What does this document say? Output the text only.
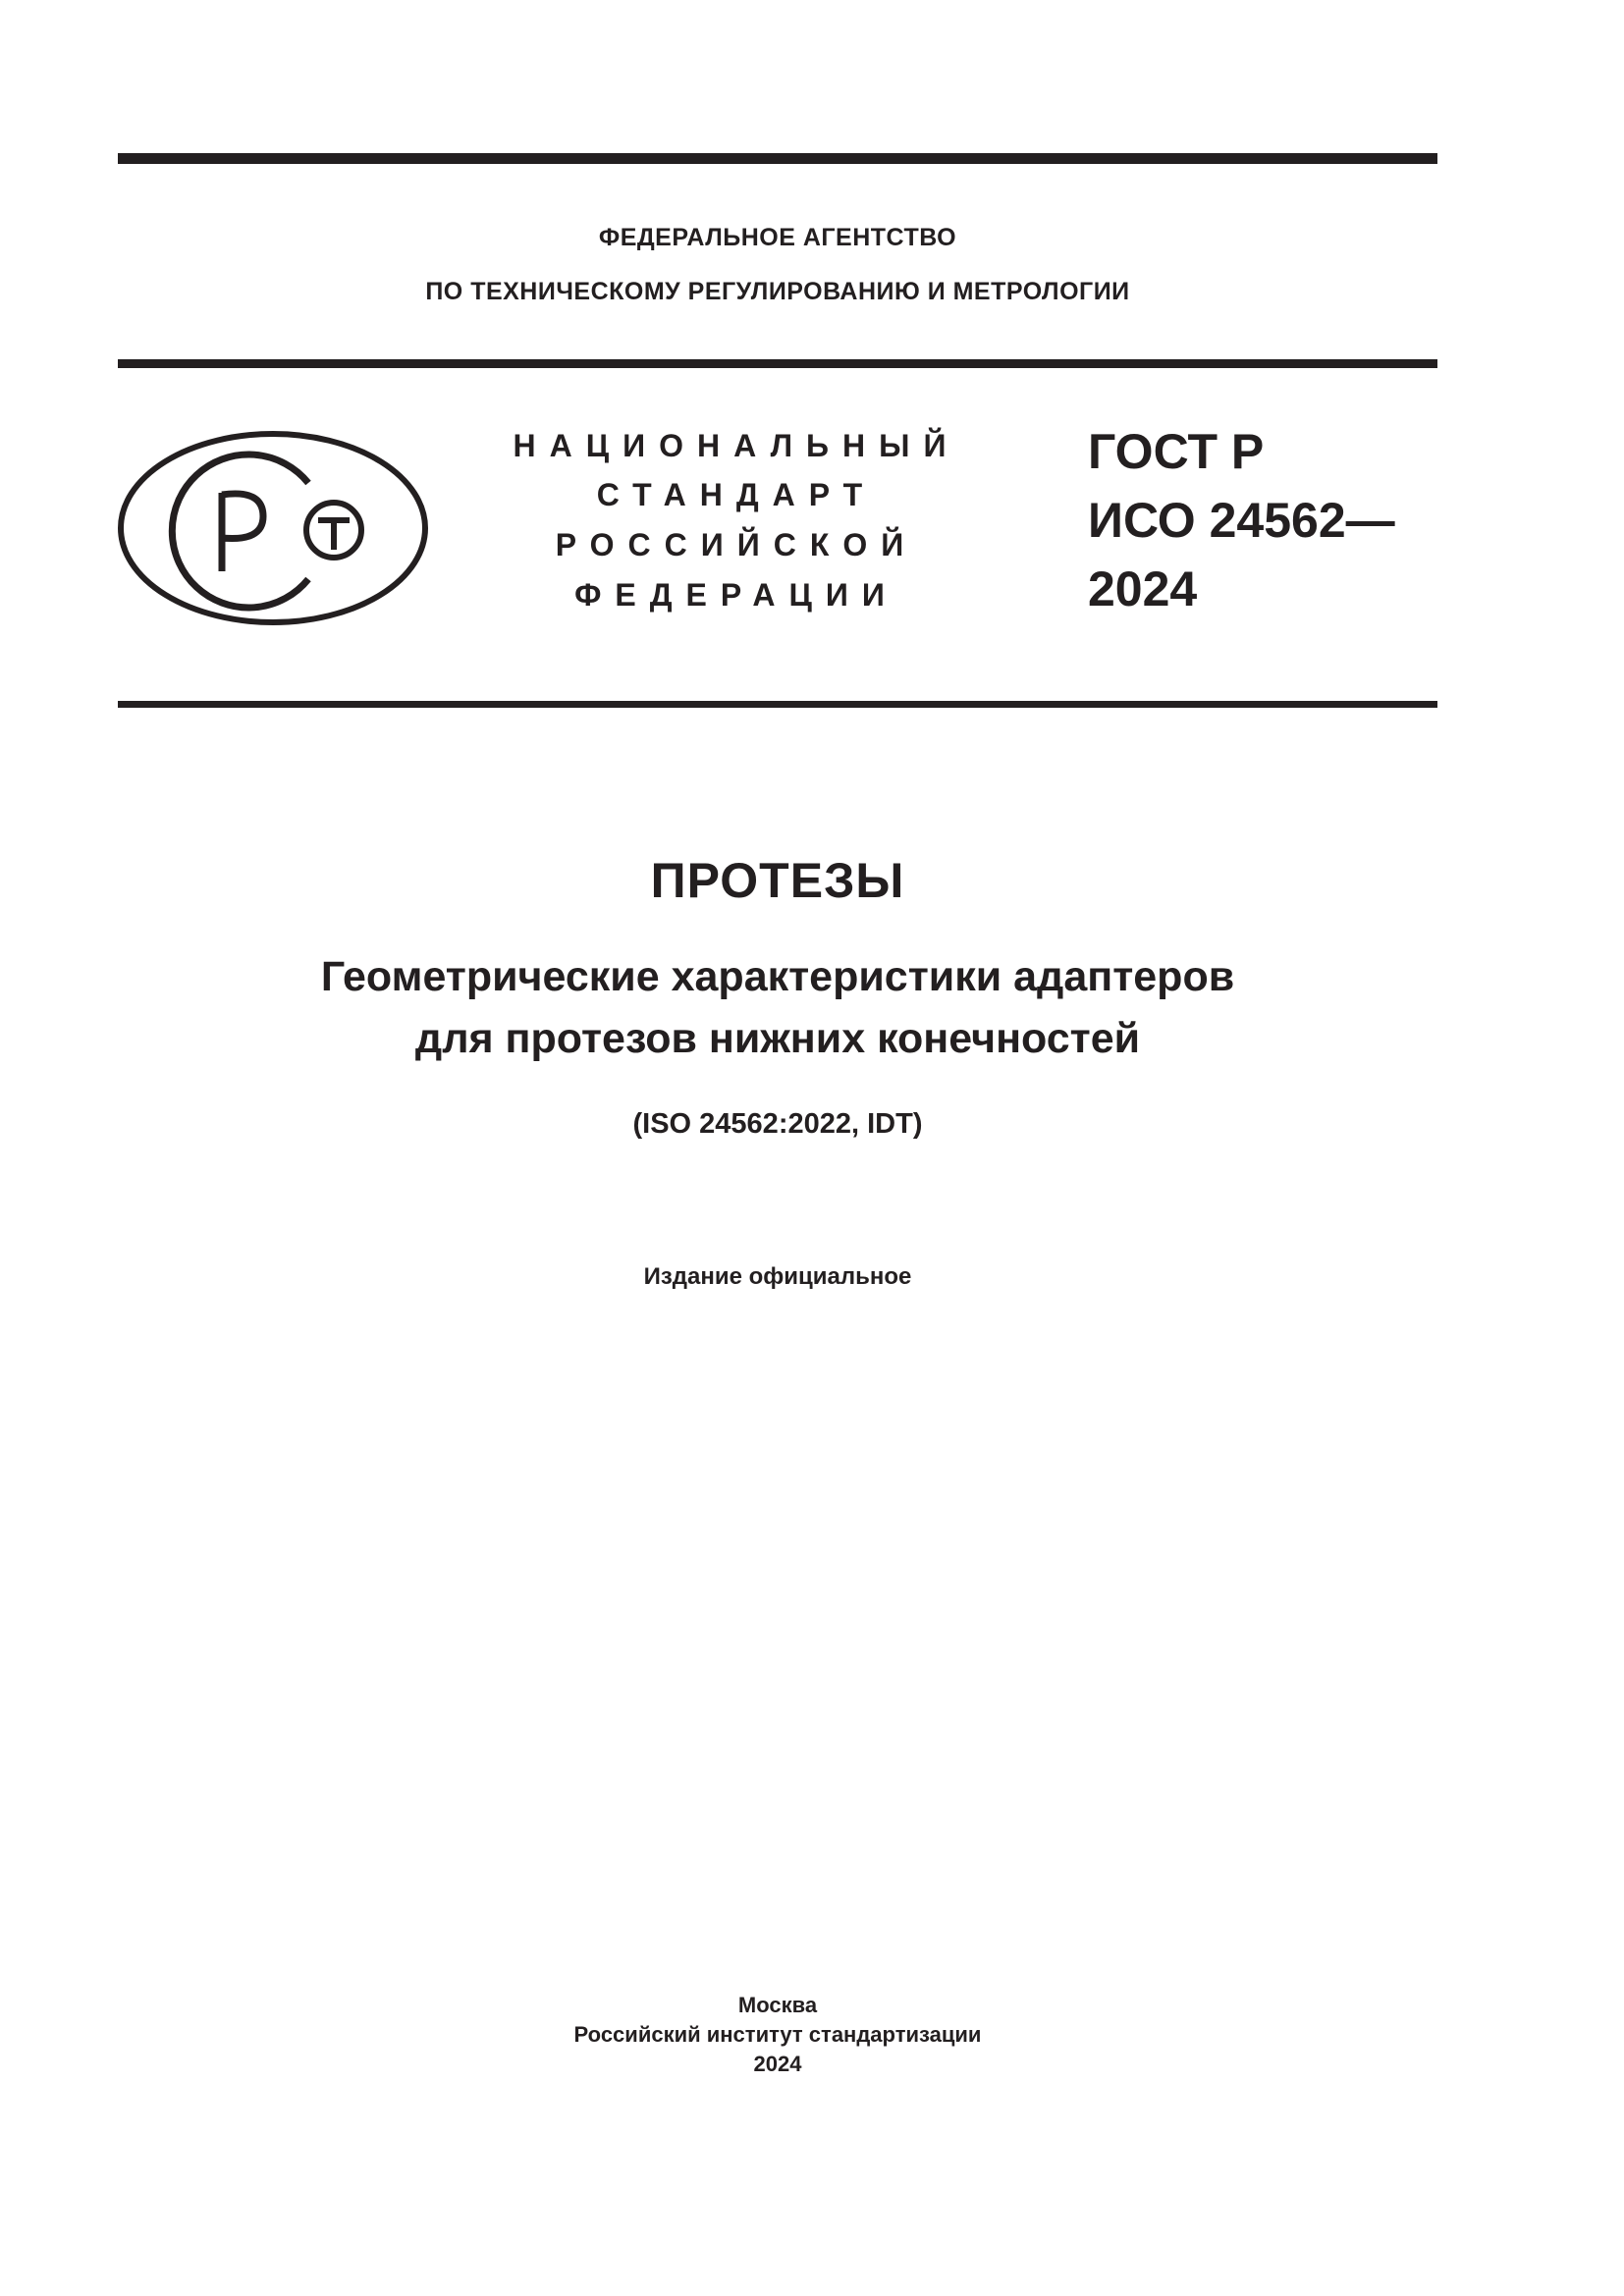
ФЕДЕРАЛЬНОЕ АГЕНТСТВО
ПО ТЕХНИЧЕСКОМУ РЕГУЛИРОВАНИЮ И МЕТРОЛОГИИ
НАЦИОНАЛЬНЫЙ
СТАНДАРТ
РОССИЙСКОЙ
ФЕДЕРАЦИИ
ГОСТ Р
ИСО 24562—
2024
ПРОТЕЗЫ
Геометрические характеристики адаптеров
для протезов нижних конечностей
(ISO 24562:2022, IDT)
Издание официальное
Москва
Российский институт стандартизации
2024
